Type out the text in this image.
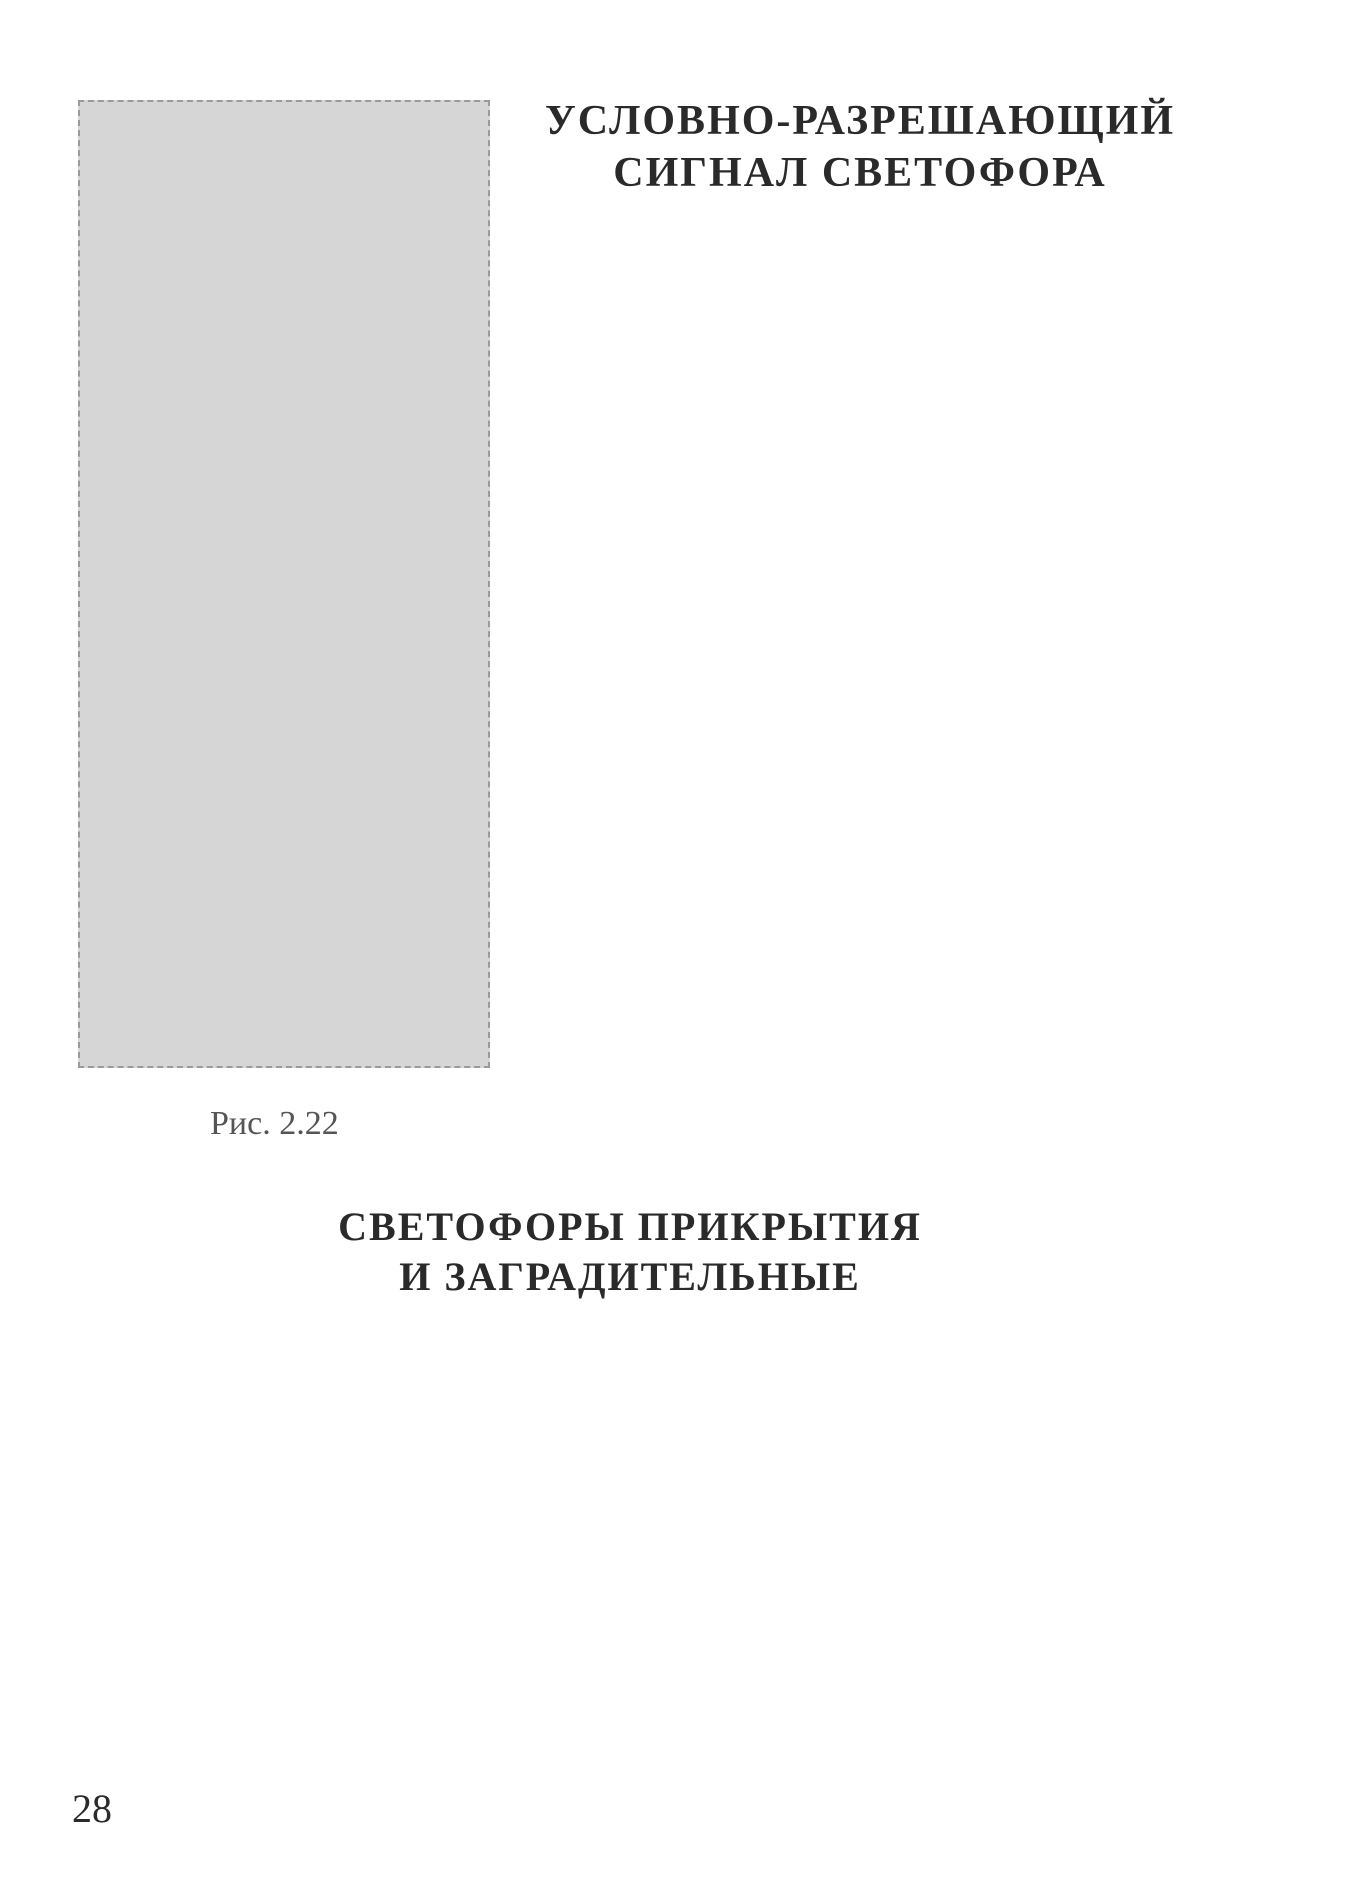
УСЛОВНО-РАЗРЕШАЮЩИЙ
СИГНАЛ СВЕТОФОРА
Рис. 2.22
СВЕТОФОРЫ ПРИКРЫТИЯ
И ЗАГРАДИТЕЛЬНЫЕ
28
